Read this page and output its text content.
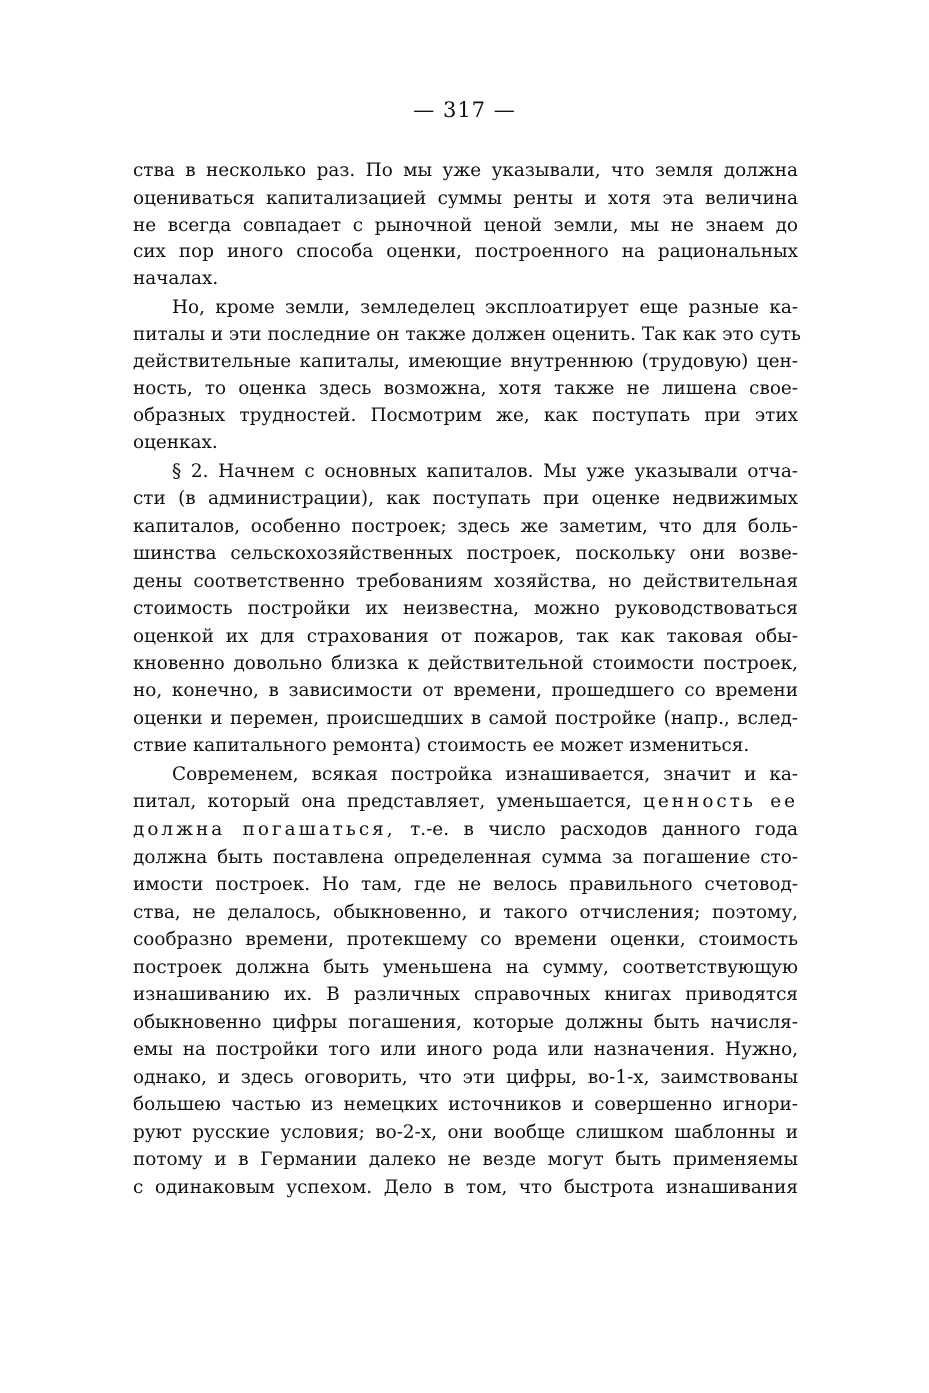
— 317 —
ства в несколько раз. По мы уже указывали, что земля должна
оцениваться капитализацией суммы ренты и хотя эта величина
не всегда совпадает с рыночной ценой земли, мы не знаем до
сих пор иного способа оценки, построенного на рациональных
началах.
Но, кроме земли, земледелец эксплоатирует еще разные ка-
питалы и эти последние он также должен оценить. Так как это суть
действительные капиталы, имеющие внутреннюю (трудовую) цен-
ность, то оценка здесь возможна, хотя также не лишена свое-
образных трудностей. Посмотрим же, как поступать при этих
оценках.
§ 2. Начнем с основных капиталов. Мы уже указывали отча-
сти (в администрации), как поступать при оценке недвижимых
капиталов, особенно построек; здесь же заметим, что для боль-
шинства сельскохозяйственных построек, поскольку они возве-
дены соответственно требованиям хозяйства, но действительная
стоимость постройки их неизвестна, можно руководствоваться
оценкой их для страхования от пожаров, так как таковая обы-
кновенно довольно близка к действительной стоимости построек,
но, конечно, в зависимости от времени, прошедшего со времени
оценки и перемен, происшедших в самой постройке (напр., вслед-
ствие капитального ремонта) стоимость ее может измениться.
Современем, всякая постройка изнашивается, значит и ка-
питал, который она представляет, уменьшается, ценность ее
должна погашаться, т.-е. в число расходов данного года
должна быть поставлена определенная сумма за погашение сто-
имости построек. Но там, где не велось правильного счетовод-
ства, не делалось, обыкновенно, и такого отчисления; поэтому,
сообразно времени, протекшему со времени оценки, стоимость
построек должна быть уменьшена на сумму, соответствующую
изнашиванию их. В различных справочных книгах приводятся
обыкновенно цифры погашения, которые должны быть начисля-
емы на постройки того или иного рода или назначения. Нужно,
однако, и здесь оговорить, что эти цифры, во-1-х, заимствованы
большею частью из немецких источников и совершенно игнори-
руют русские условия; во-2-х, они вообще слишком шаблонны и
потому и в Германии далеко не везде могут быть применяемы
с одинаковым успехом. Дело в том, что быстрота изнашивания
